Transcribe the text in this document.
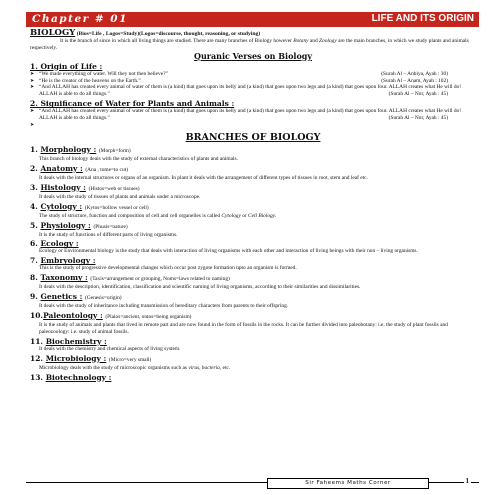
Chapter # 01	LIFE AND ITS ORIGIN
BIOLOGY (Bios=Life , Logos=Study)(Logos=discourse, thought, reasoning, or studying)
It is the branch of since in which all living things are studied. There are many branches of Biology however Botany and Zoology are the main branches, in which we study plants and animals respectively.
Quranic Verses on Biology
1. Origin of Life :
➤	(Surah Al – Anbiya, Ayah : 30)
“We made everything of water. Will they not then believe?”
➤	(Surah Al – Anam, Ayah : 102)
“He is the creator of the heavens on the Earth.”
➤ “And ALLAH has created every animal of water of them is (a kind) that goes upon its belly and (a kind) that goes upon two legs and (a kind) that goes upon four. ALLAH creates what He will do! ALLAH is able to do all things.”	(Surah Al – Nur, Ayah : 45)
2. Significance of Water for Plants and Animals :
➤ “And ALLAH has created every animal of water of them is (a kind) that goes upon its belly and (a kind) that goes upon two legs and (a kind) that goes upon four. ALLAH creates what He will do! ALLAH is able to do all things.”	(Surah Al – Nur, Ayah : 45)
➤

BRANCHES OF BIOLOGY
1. Morphology : (Morph=form)
This branch of biology deals with the study of external characteristics of plants and animals.
2. Anatomy : (Ana , tome=to cut)
It deals with the internal structures or organs of an organism. In plant it deals with the arrangement of different types of tissues in root, stem and leaf etc.
3. Histology : (Histos=web or tissues)
It deals with the study of tissues of plants and animals under a microscope.
4. Cytology : (Kytos=hollow vessel or cell)
The study of structure, function and composition of cell and cell organelles is called Cytology or Cell Biology.
5. Physiology : (Phusis=nature)
It is the study of functions of different parts of living organisms.
6. Ecology :
Ecology or Environmental biology is the study that deals with interaction of living organisms with each other and interaction of living beings with their non – living organisms.
7. Embryology :
This is the study of progressive developmental changes which occur post zygote formation upto an organism is formed.
8. Taxonomy : (Taxis=arrangement or grouping, Noms=laws related to naming)
It deals with the description, identification, classification and scientific naming of living organisms, according to their similarities and dissimilarities.
9. Genetics : (Genesis=origin)
It deals with the study of inheritance including transmission of hereditary characters from parents to their offspring.
10.Paleontology : (Plaios=ancient, ontos=being organism)
It is the study of animals and plants that lived in remote part and are now found in the form of fossils in the rocks. It can be further divided into paleobotany: i.e. the study of plant fossils and paleozoology: i.e. study of animal fossils.
11. Biochemistry :
It deals with the chemistry and chemical aspects of living system.
12. Microbiology : (Micro=very small)
Microbiology deals with the study of microscopic organisms such as virus, bacteria, etc.
13. Biotechnology :
Sir Faheems Maths Corner	1
